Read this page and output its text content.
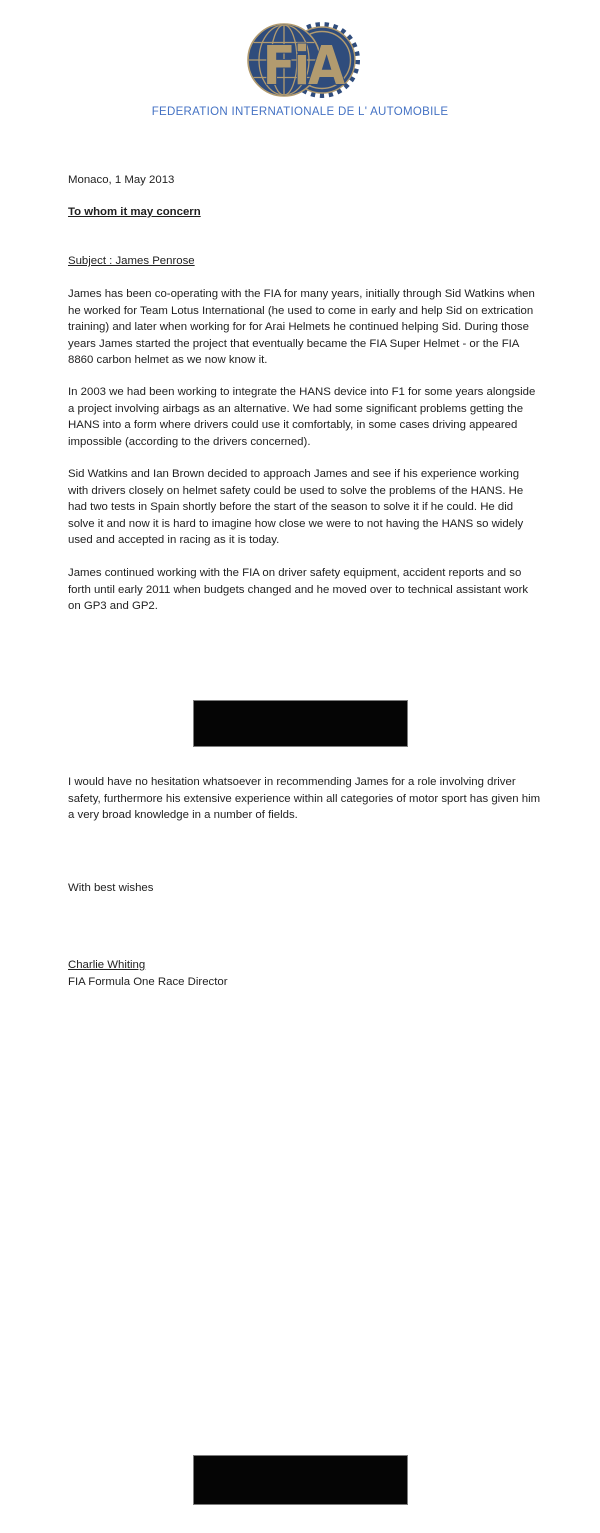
FiA
FEDERATION INTERNATIONALE DE L' AUTOMOBILE
Monaco, 1 May 2013
To whom it may concern
Subject : James Penrose

James has been co-operating with the FIA for many years, initially through Sid Watkins when he worked for Team Lotus International (he used to come in early and help Sid on extrication training) and later when working for for Arai Helmets he continued helping Sid. During those years James started the project that eventually became the FIA Super Helmet - or the FIA 8860 carbon helmet as we now know it.

In 2003 we had been working to integrate the HANS device into F1 for some years alongside a project involving airbags as an alternative. We had some significant problems getting the HANS into a form where drivers could use it comfortably, in some cases driving appeared impossible (according to the drivers concerned).

Sid Watkins and Ian Brown decided to approach James and see if his experience working with drivers closely on helmet safety could be used to solve the problems of the HANS. He had two tests in Spain shortly before the start of the season to solve it if he could. He did solve it and now it is hard to imagine how close we were to not having the HANS so widely used and accepted in racing as it is today.

James continued working with the FIA on driver safety equipment, accident reports and so forth until early 2011 when budgets changed and he moved over to technical assistant work on GP3 and GP2.

I would have no hesitation whatsoever in recommending James for a role involving driver safety, furthermore his extensive experience within all categories of motor sport has given him a very broad knowledge in a number of fields.

With best wishes
Charlie Whiting
FIA Formula One Race Director
